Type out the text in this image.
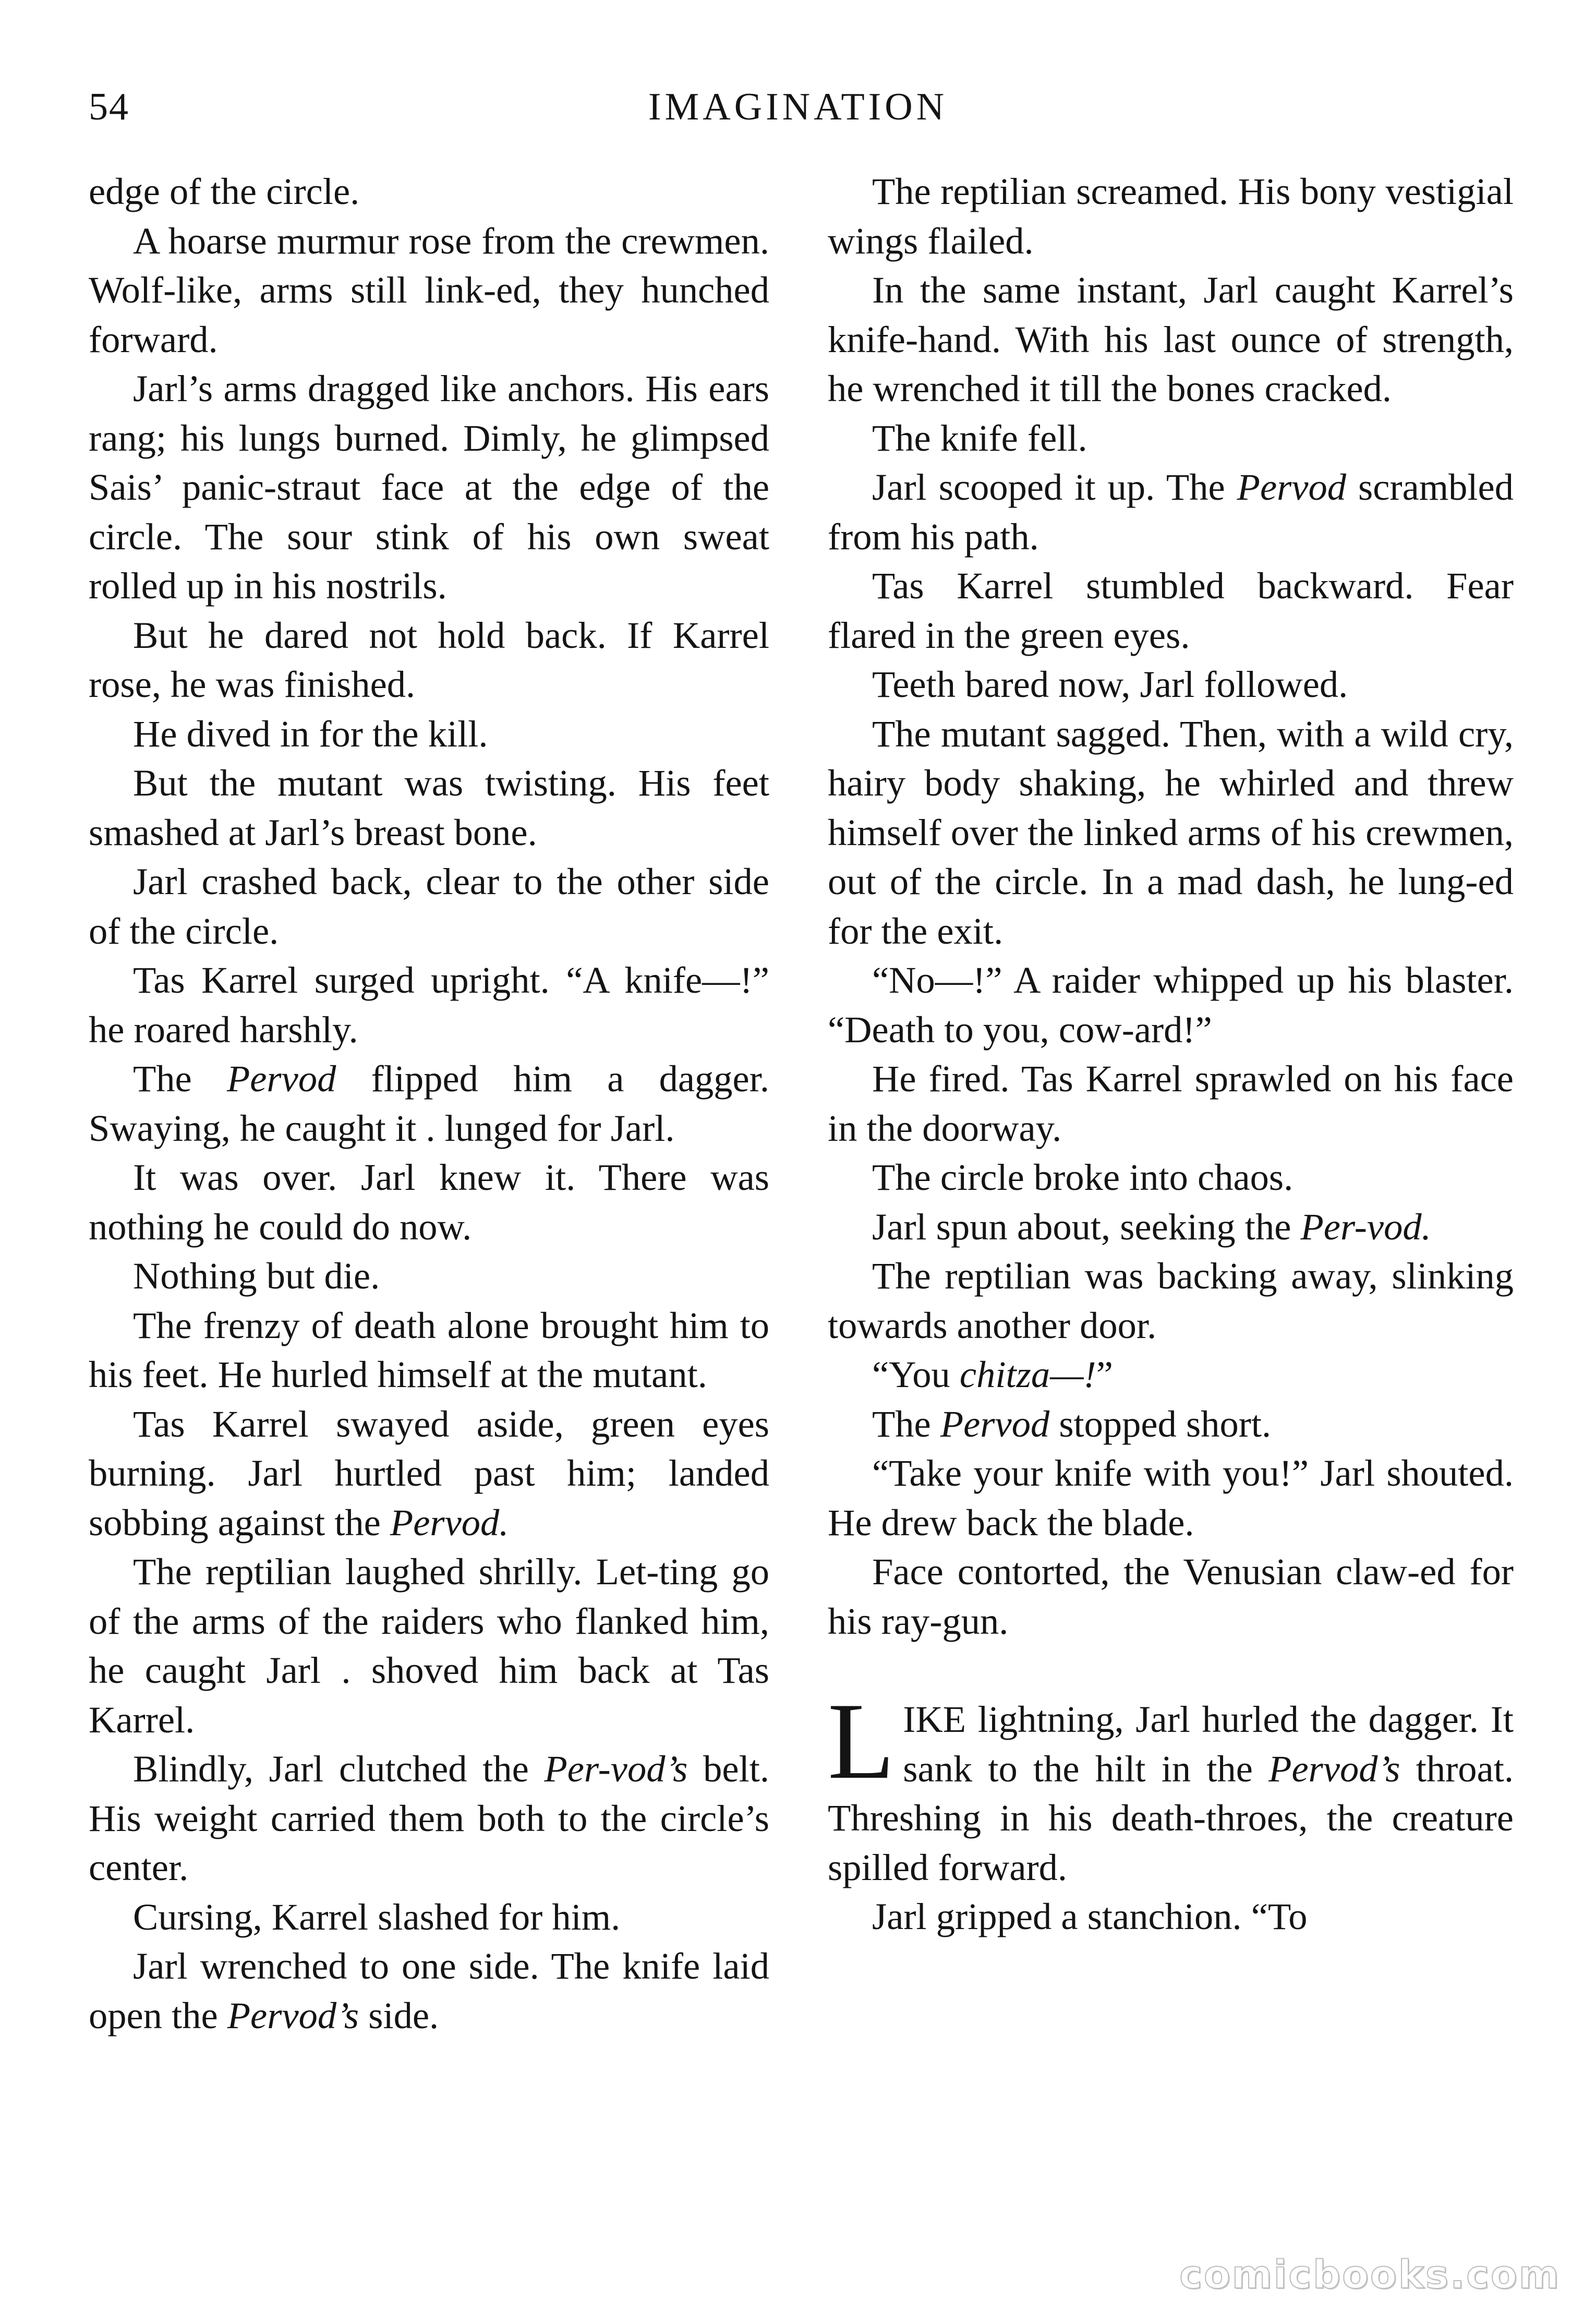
54	IMAGINATION

edge of the circle.

A hoarse murmur rose from the crewmen. Wolf-like, arms still link-ed, they hunched forward.

Jarl’s arms dragged like anchors. His ears rang; his lungs burned. Dimly, he glimpsed Sais’ panic-straut face at the edge of the circle. The sour stink of his own sweat rolled up in his nostrils.

But he dared not hold back. If Karrel rose, he was finished.

He dived in for the kill.

But the mutant was twisting. His feet smashed at Jarl’s breast bone.

Jarl crashed back, clear to the other side of the circle.

Tas Karrel surged upright. “A knife—!” he roared harshly.

The Pervod flipped him a dagger. Swaying, he caught it . lunged for Jarl.

It was over. Jarl knew it. There was nothing he could do now.

Nothing but die.

The frenzy of death alone brought him to his feet. He hurled himself at the mutant.

Tas Karrel swayed aside, green eyes burning. Jarl hurtled past him; landed sobbing against the Pervod.

The reptilian laughed shrilly. Let-ting go of the arms of the raiders who flanked him, he caught Jarl . shoved him back at Tas Karrel.

Blindly, Jarl clutched the Per-vod’s belt. His weight carried them both to the circle’s center.

Cursing, Karrel slashed for him.

Jarl wrenched to one side. The knife laid open the Pervod’s side.

The reptilian screamed. His bony vestigial wings flailed.

In the same instant, Jarl caught Karrel’s knife-hand. With his last ounce of strength, he wrenched it till the bones cracked.

The knife fell.

Jarl scooped it up. The Pervod scrambled from his path.

Tas Karrel stumbled backward. Fear flared in the green eyes.

Teeth bared now, Jarl followed.

The mutant sagged. Then, with a wild cry, hairy body shaking, he whirled and threw himself over the linked arms of his crewmen, out of the circle. In a mad dash, he lung-ed for the exit.

“No—!” A raider whipped up his blaster. “Death to you, cow-ard!”

He fired. Tas Karrel sprawled on his face in the doorway.

The circle broke into chaos.

Jarl spun about, seeking the Per-vod.

The reptilian was backing away, slinking towards another door.

“You chitza—!”

The Pervod stopped short.

“Take your knife with you!” Jarl shouted. He drew back the blade.

Face contorted, the Venusian claw-ed for his ray-gun.

LIKE lightning, Jarl hurled the dagger. It sank to the hilt in the Pervod’s throat. Threshing in his death-throes, the creature spilled forward.

Jarl gripped a stanchion. “To

comicbooks.com
